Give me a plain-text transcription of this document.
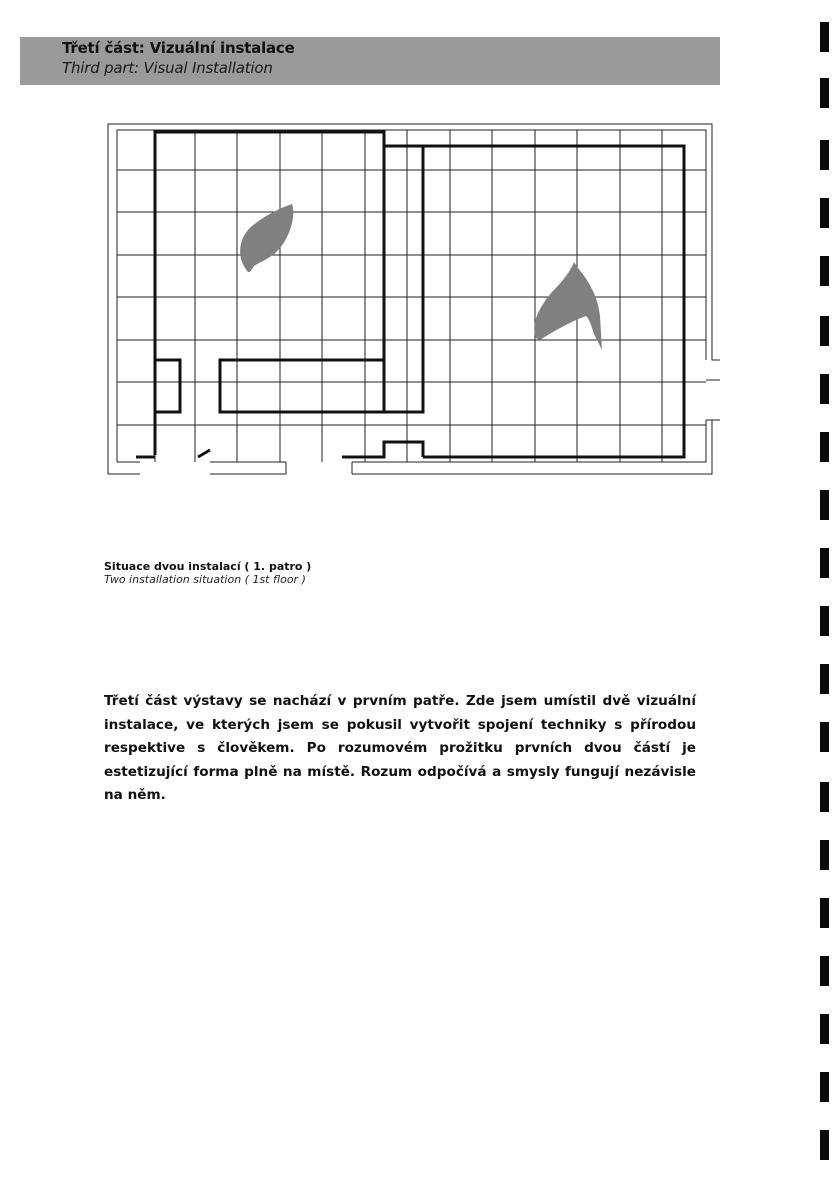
Třetí část: Vizuální instalace
Third part: Visual Installation
Situace dvou instalací ( 1. patro )
Two installation situation ( 1st floor )

Třetí část výstavy se nachází v prvním patře. Zde jsem umístil dvě vizuální instalace, ve kterých jsem se pokusil vytvořit spojení techniky s přírodou respektive s člověkem. Po rozumovém prožitku prvních dvou částí je estetizující forma plně na místě. Rozum odpočívá a smysly fungují nezávisle na něm.
